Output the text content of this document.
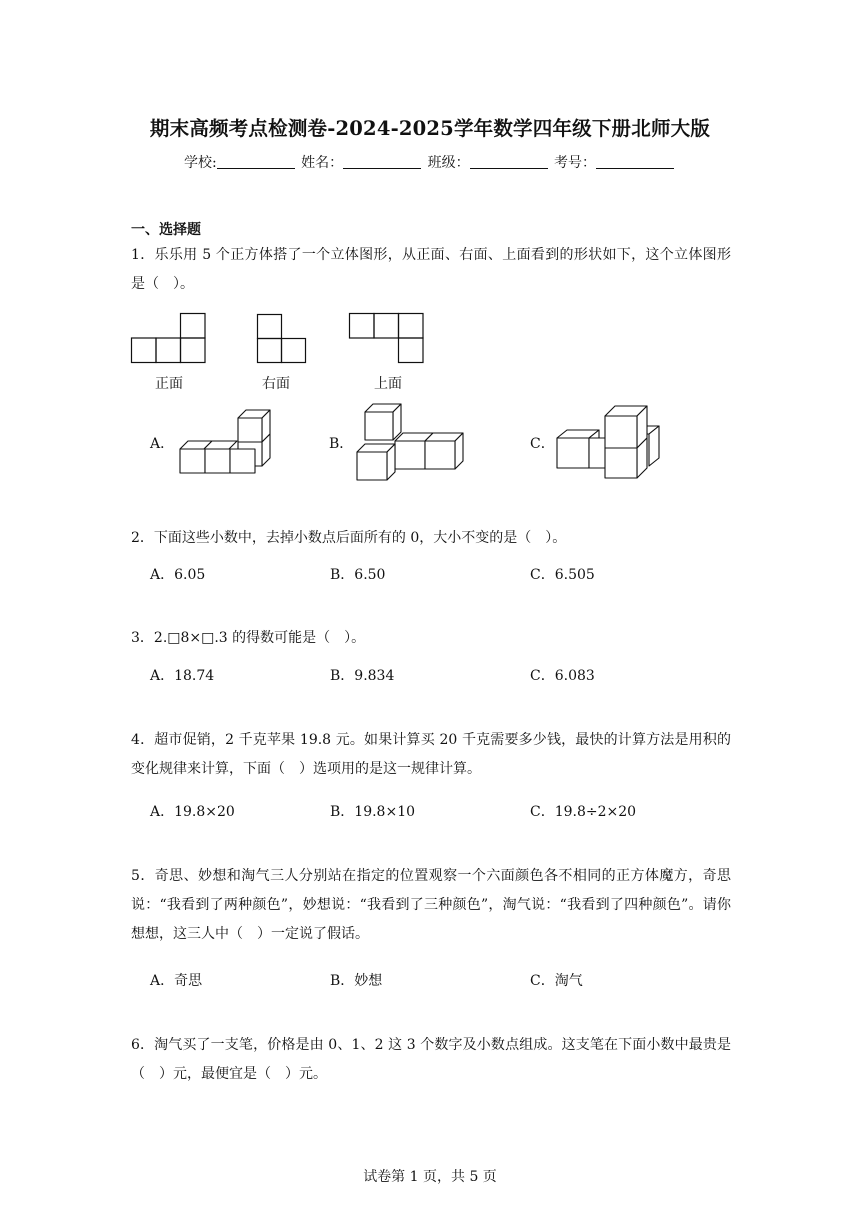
期末高频考点检测卷-2024-2025学年数学四年级下册北师大版
学校:	姓名：	班级：	考号：
一、选择题
1．乐乐用 5 个正方体搭了一个立体图形，从正面、右面、上面看到的形状如下，这个立体图形是（　）。
正面	右面	上面
A．	B．	C．
2．下面这些小数中，去掉小数点后面所有的 0，大小不变的是（　）。
A．6.05	B．6.50	C．6.505
3．2.□8×□.3 的得数可能是（　）。
A．18.74	B．9.834	C．6.083
4．超市促销，2 千克苹果 19.8 元。如果计算买 20 千克需要多少钱，最快的计算方法是用积的变化规律来计算，下面（　）选项用的是这一规律计算。
A．19.8×20	B．19.8×10	C．19.8÷2×20
5．奇思、妙想和淘气三人分别站在指定的位置观察一个六面颜色各不相同的正方体魔方，奇思说：“我看到了两种颜色”，妙想说：“我看到了三种颜色”，淘气说：“我看到了四种颜色”。请你想想，这三人中（　）一定说了假话。
A．奇思	B．妙想	C．淘气
6．淘气买了一支笔，价格是由 0、1、2 这 3 个数字及小数点组成。这支笔在下面小数中最贵是（　）元，最便宜是（　）元。
试卷第 1 页，共 5 页
